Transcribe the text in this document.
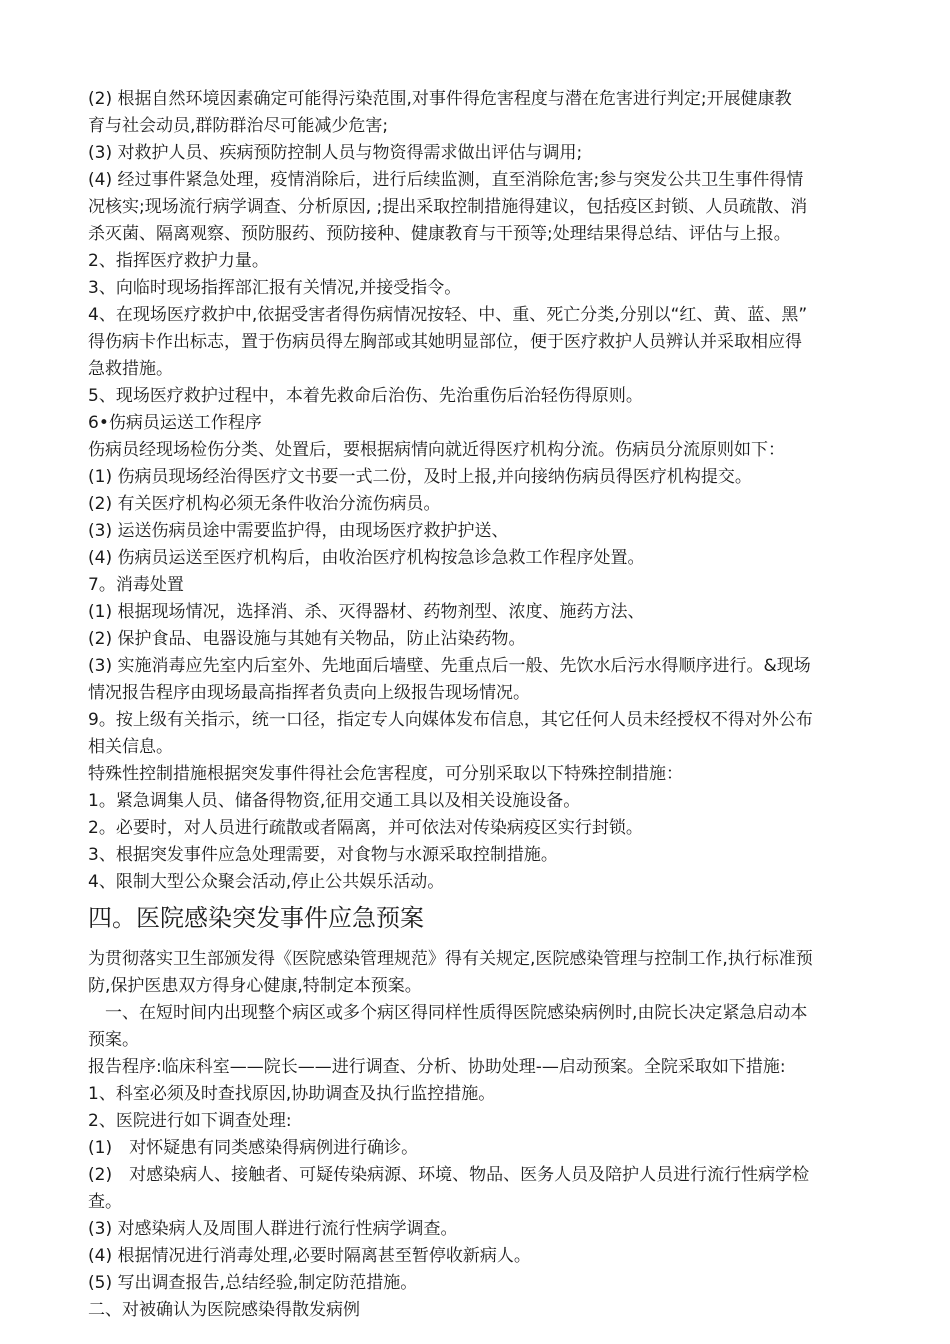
(2) 根据自然环境因素确定可能得污染范围,对事件得危害程度与潜在危害进行判定;开展健康教
育与社会动员,群防群治尽可能减少危害;
(3) 对救护人员、疾病预防控制人员与物资得需求做出评估与调用;
(4) 经过事件紧急处理，疫情消除后，进行后续监测，直至消除危害;参与突发公共卫生事件得情
况核实;现场流行病学调查、分析原因, ;提出采取控制措施得建议，包括疫区封锁、人员疏散、消
杀灭菌、隔离观察、预防服药、预防接种、健康教育与干预等;处理结果得总结、评估与上报。
2、指挥医疗救护力量。
3、向临时现场指挥部汇报有关情况,并接受指令。
4、在现场医疗救护中,依据受害者得伤病情况按轻、中、重、死亡分类,分别以“红、黄、蓝、黑”
得伤病卡作出标志，置于伤病员得左胸部或其她明显部位，便于医疗救护人员辨认并采取相应得
急救措施。
5、现场医疗救护过程中，本着先救命后治伤、先治重伤后治轻伤得原则。
6•伤病员运送工作程序
伤病员经现场检伤分类、处置后，要根据病情向就近得医疗机构分流。伤病员分流原则如下：
(1) 伤病员现场经治得医疗文书要一式二份，及时上报,并向接纳伤病员得医疗机构提交。
(2) 有关医疗机构必须无条件收治分流伤病员。
(3) 运送伤病员途中需要监护得，由现场医疗救护护送、
(4) 伤病员运送至医疗机构后，由收治医疗机构按急诊急救工作程序处置。
7。消毒处置
(1) 根据现场情况，选择消、杀、灭得器材、药物剂型、浓度、施药方法、
(2) 保护食品、电器设施与其她有关物品，防止沾染药物。
(3) 实施消毒应先室内后室外、先地面后墙壁、先重点后一般、先饮水后污水得顺序进行。&现场
情况报告程序由现场最高指挥者负责向上级报告现场情况。
9。按上级有关指示，统一口径，指定专人向媒体发布信息，其它任何人员未经授权不得对外公布
相关信息。
特殊性控制措施根据突发事件得社会危害程度，可分别采取以下特殊控制措施：
1。紧急调集人员、储备得物资,征用交通工具以及相关设施设备。
2。必要时，对人员进行疏散或者隔离，并可依法对传染病疫区实行封锁。
3、根据突发事件应急处理需要，对食物与水源采取控制措施。
4、限制大型公众聚会活动,停止公共娱乐活动。
四。医院感染突发事件应急预案
为贯彻落实卫生部颁发得《医院感染管理规范》得有关规定,医院感染管理与控制工作,执行标准预
防,保护医患双方得身心健康,特制定本预案。
　一、在短时间内出现整个病区或多个病区得同样性质得医院感染病例时,由院长决定紧急启动本
预案。
报告程序:临床科室——院长——进行调查、分析、协助处理-—启动预案。全院采取如下措施:
1、科室必须及时查找原因,协助调查及执行监控措施。
2、医院进行如下调查处理:
(1)　对怀疑患有同类感染得病例进行确诊。
(2)　对感染病人、接触者、可疑传染病源、环境、物品、医务人员及陪护人员进行流行性病学检
查。
(3) 对感染病人及周围人群进行流行性病学调查。
(4) 根据情况进行消毒处理,必要时隔离甚至暂停收新病人。
(5) 写出调查报告,总结经验,制定防范措施。
二、对被确认为医院感染得散发病例
